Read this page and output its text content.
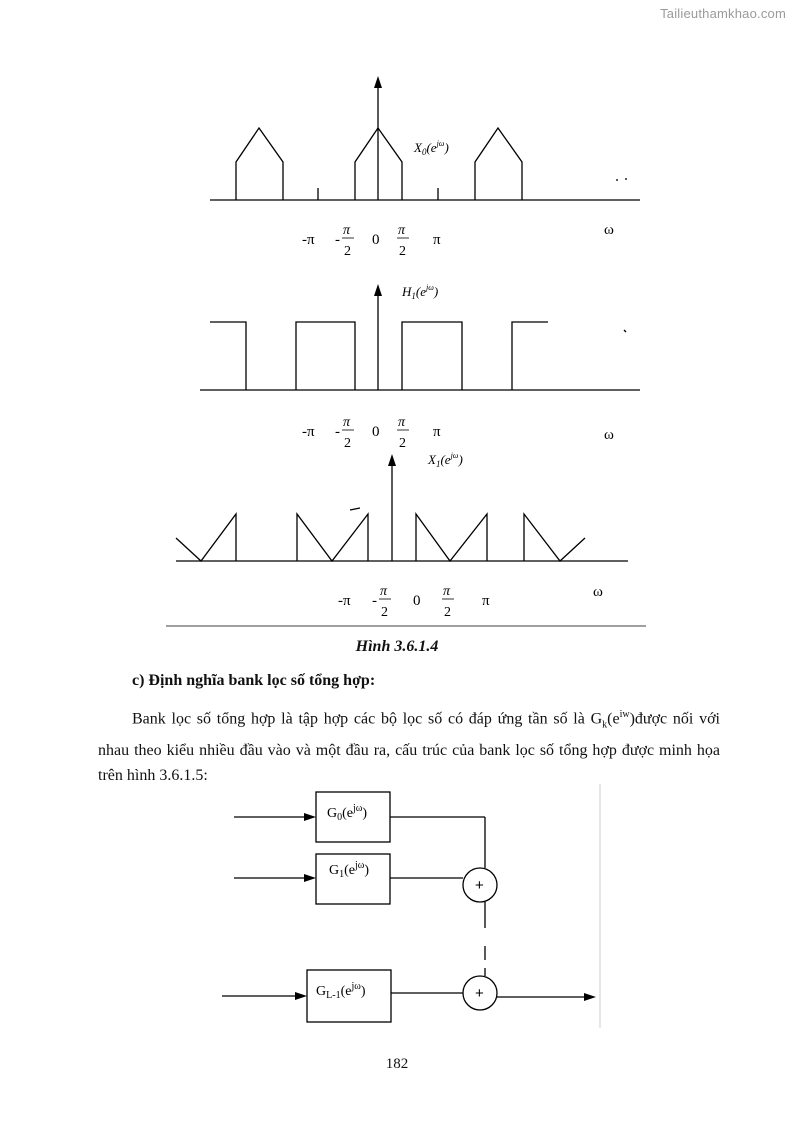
Tailieuthamkhao.com
$X_0(e^{j\omega})$
-π -
π
2
0
π
2
π
ω
$H_1(e^{j\omega})$
-π -
π
2
0
π
2
π	ω
$X_1(e^{j\omega})$
-π -
π
2
0
π
2
π
ω
$G_0(e^{j\omega})$
$G_1(e^{j\omega})$
$G_{L-1}(e^{j\omega})$
+
+
Hình 3.6.1.4
c) Định nghĩa bank lọc số tổng hợp:
Bank lọc số tổng hợp là tập hợp các bộ lọc số có đáp ứng tần số là $G_k(e^{iw})được$ nối với nhau theo kiểu nhiều đầu vào và một đầu ra, cấu trúc của bank lọc số tổng hợp được minh họa trên hình 3.6.1.5:
182
